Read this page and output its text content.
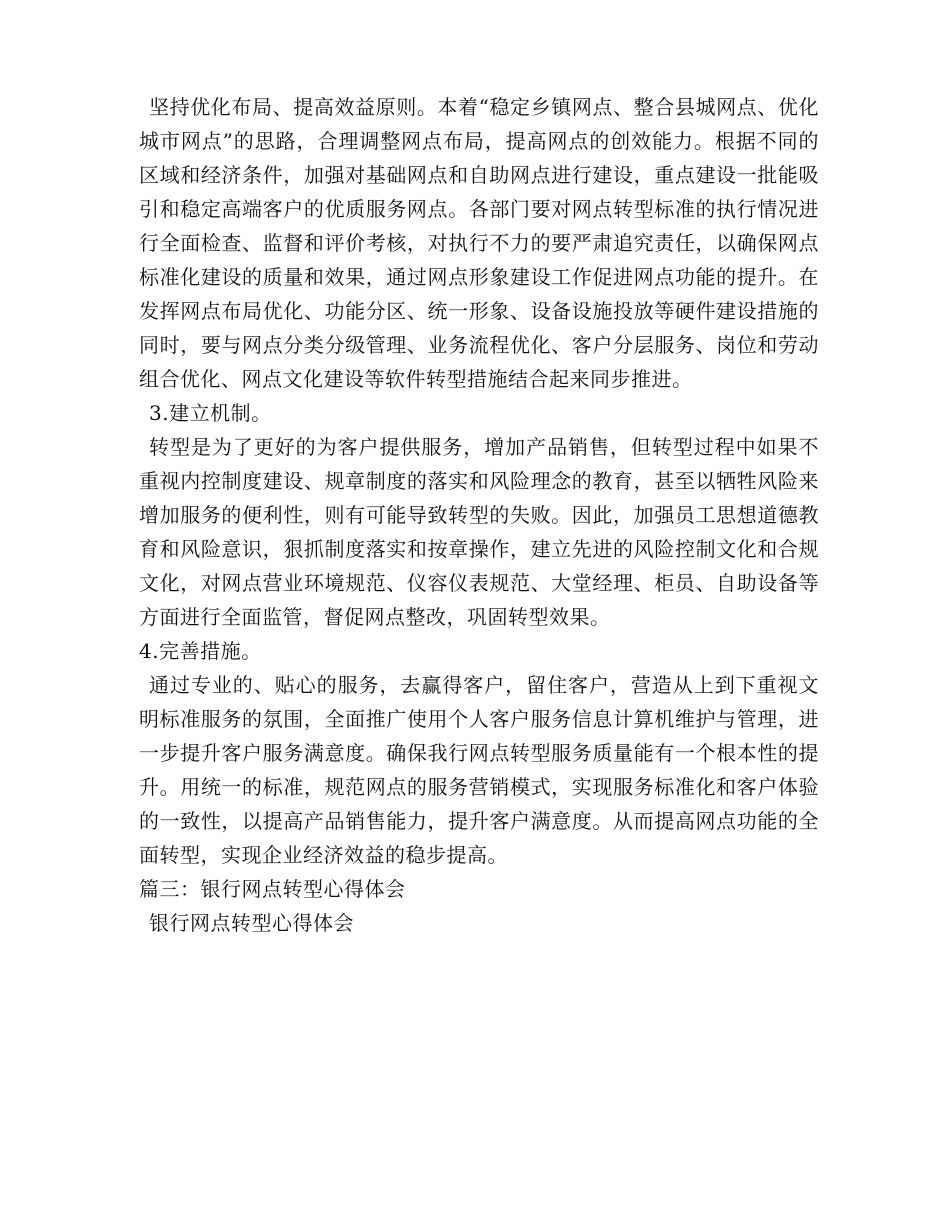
坚持优化布局、提高效益原则。本着“稳定乡镇网点、整合县城网点、优化城市网点”的思路，合理调整网点布局，提高网点的创效能力。根据不同的区域和经济条件，加强对基础网点和自助网点进行建设，重点建设一批能吸引和稳定高端客户的优质服务网点。各部门要对网点转型标准的执行情况进行全面检查、监督和评价考核，对执行不力的要严肃追究责任，以确保网点标准化建设的质量和效果，通过网点形象建设工作促进网点功能的提升。在发挥网点布局优化、功能分区、统一形象、设备设施投放等硬件建设措施的同时，要与网点分类分级管理、业务流程优化、客户分层服务、岗位和劳动组合优化、网点文化建设等软件转型措施结合起来同步推进。

3.建立机制。

转型是为了更好的为客户提供服务，增加产品销售，但转型过程中如果不重视内控制度建设、规章制度的落实和风险理念的教育，甚至以牺牲风险来增加服务的便利性，则有可能导致转型的失败。因此，加强员工思想道德教育和风险意识，狠抓制度落实和按章操作，建立先进的风险控制文化和合规文化，对网点营业环境规范、仪容仪表规范、大堂经理、柜员、自助设备等方面进行全面监管，督促网点整改，巩固转型效果。

4.完善措施。

通过专业的、贴心的服务，去赢得客户，留住客户，营造从上到下重视文明标准服务的氛围，全面推广使用个人客户服务信息计算机维护与管理，进一步提升客户服务满意度。确保我行网点转型服务质量能有一个根本性的提升。用统一的标准，规范网点的服务营销模式，实现服务标准化和客户体验的一致性，以提高产品销售能力，提升客户满意度。从而提高网点功能的全面转型，实现企业经济效益的稳步提高。

篇三：银行网点转型心得体会

银行网点转型心得体会
